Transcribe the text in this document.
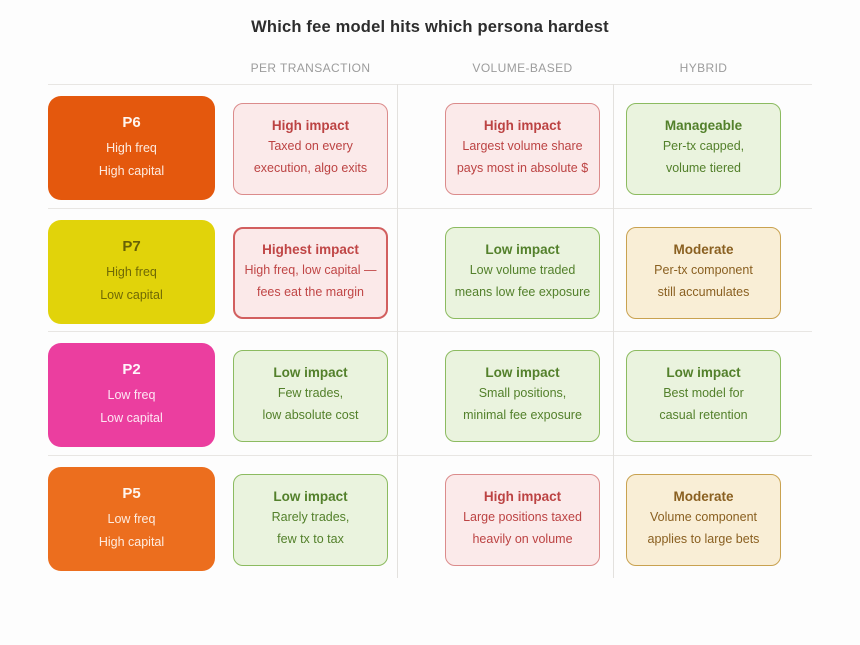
Which fee model hits which persona hardest
PER TRANSACTION	VOLUME-BASED	HYBRID
P6
High freq
High capital
High impact
Taxed on every
execution, algo exits
High impact
Largest volume share
pays most in absolute $
Manageable
Per-tx capped,
volume tiered
P7
High freq
Low capital
Highest impact
High freq, low capital —
fees eat the margin
Low impact
Low volume traded
means low fee exposure
Moderate
Per-tx component
still accumulates
P2
Low freq
Low capital
Low impact
Few trades,
low absolute cost
Low impact
Small positions,
minimal fee exposure
Low impact
Best model for
casual retention
P5
Low freq
High capital
Low impact
Rarely trades,
few tx to tax
High impact
Large positions taxed
heavily on volume
Moderate
Volume component
applies to large bets
